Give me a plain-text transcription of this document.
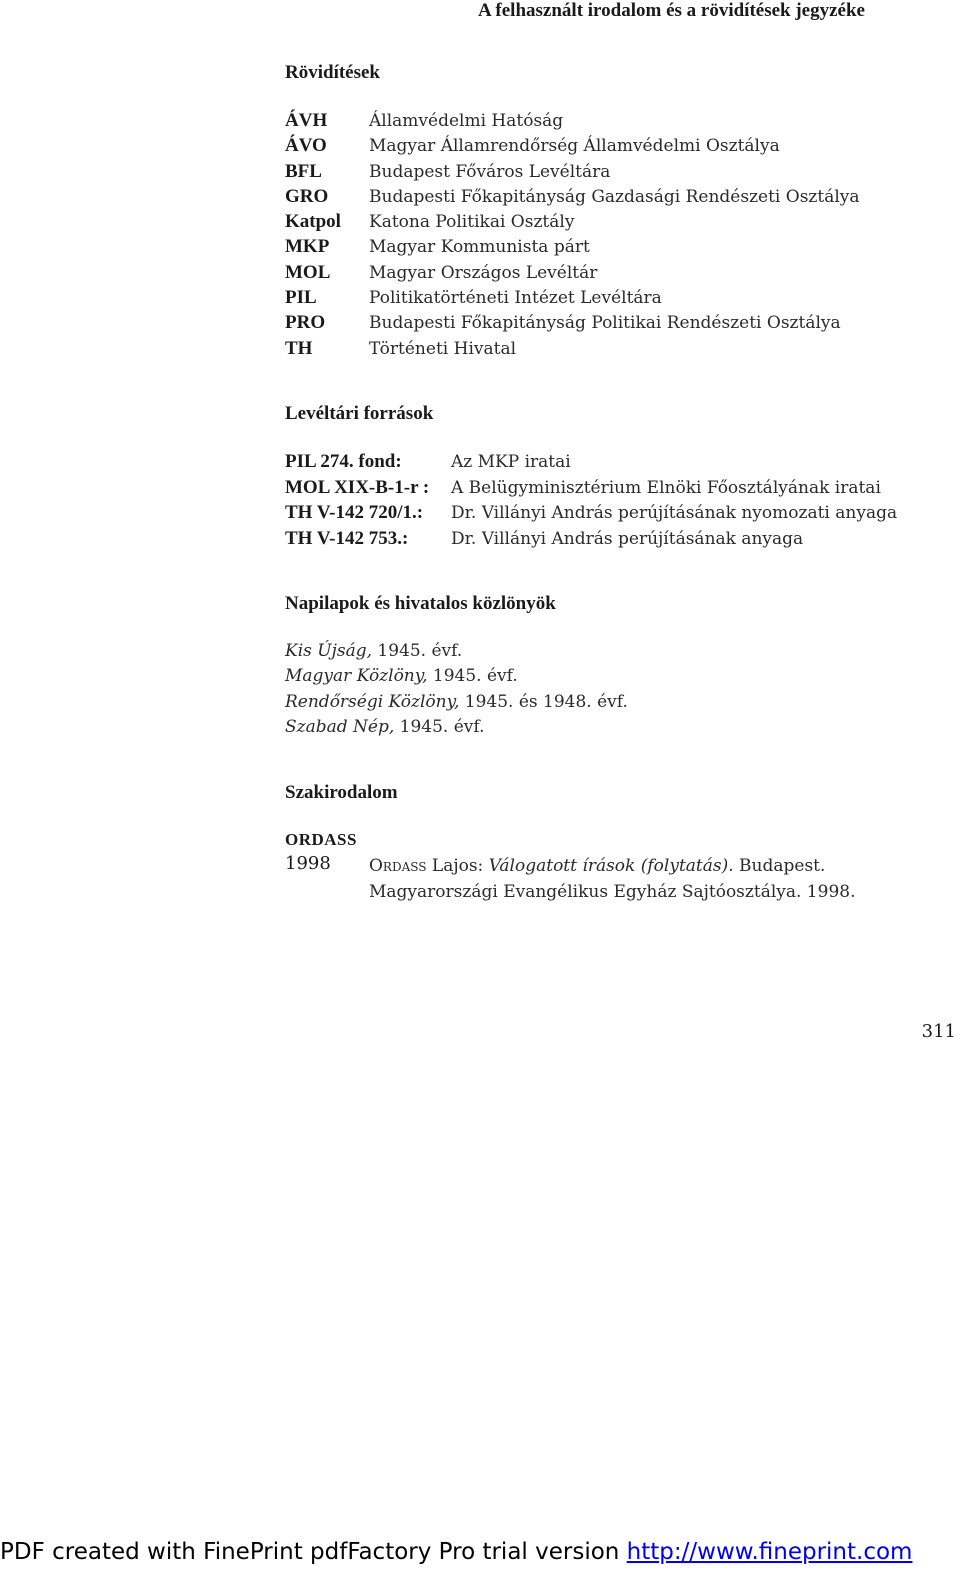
A felhasznált irodalom és a rövidítések jegyzéke
Rövidítések
ÁVH Államvédelmi Hatóság
ÁVO Magyar Államrendőrség Államvédelmi Osztálya
BFL	Budapest Főváros Levéltára
GRO Budapesti Főkapitányság Gazdasági Rendészeti Osztálya
Katpol Katona Politikai Osztály
MKP Magyar Kommunista párt
MOL Magyar Országos Levéltár
PIL	Politikatörténeti Intézet Levéltára
PRO	Budapesti Főkapitányság Politikai Rendészeti Osztálya
TH	Történeti Hivatal
Levéltári források
PIL 274. fond:	Az MKP iratai
MOL XIX-B-1-r : A Belügyminisztérium Elnöki Főosztályának iratai
TH V-142 720/1.: Dr. Villányi András perújításának nyomozati anyaga
TH V-142 753.:	Dr. Villányi András perújításának anyaga
Napilapok és hivatalos közlönyök
Kis Újság, 1945. évf.
Magyar Közlöny, 1945. évf.
Rendőrségi Közlöny, 1945. és 1948. évf.
Szabad Nép, 1945. évf.
Szakirodalom
ORDASS
1998 Ordass Lajos: Válogatott írások (folytatás). Budapest. Magyarországi Evangélikus Egyház Sajtóosztálya. 1998.
311
PDF created with FinePrint pdfFactory Pro trial version http://www.fineprint.com
